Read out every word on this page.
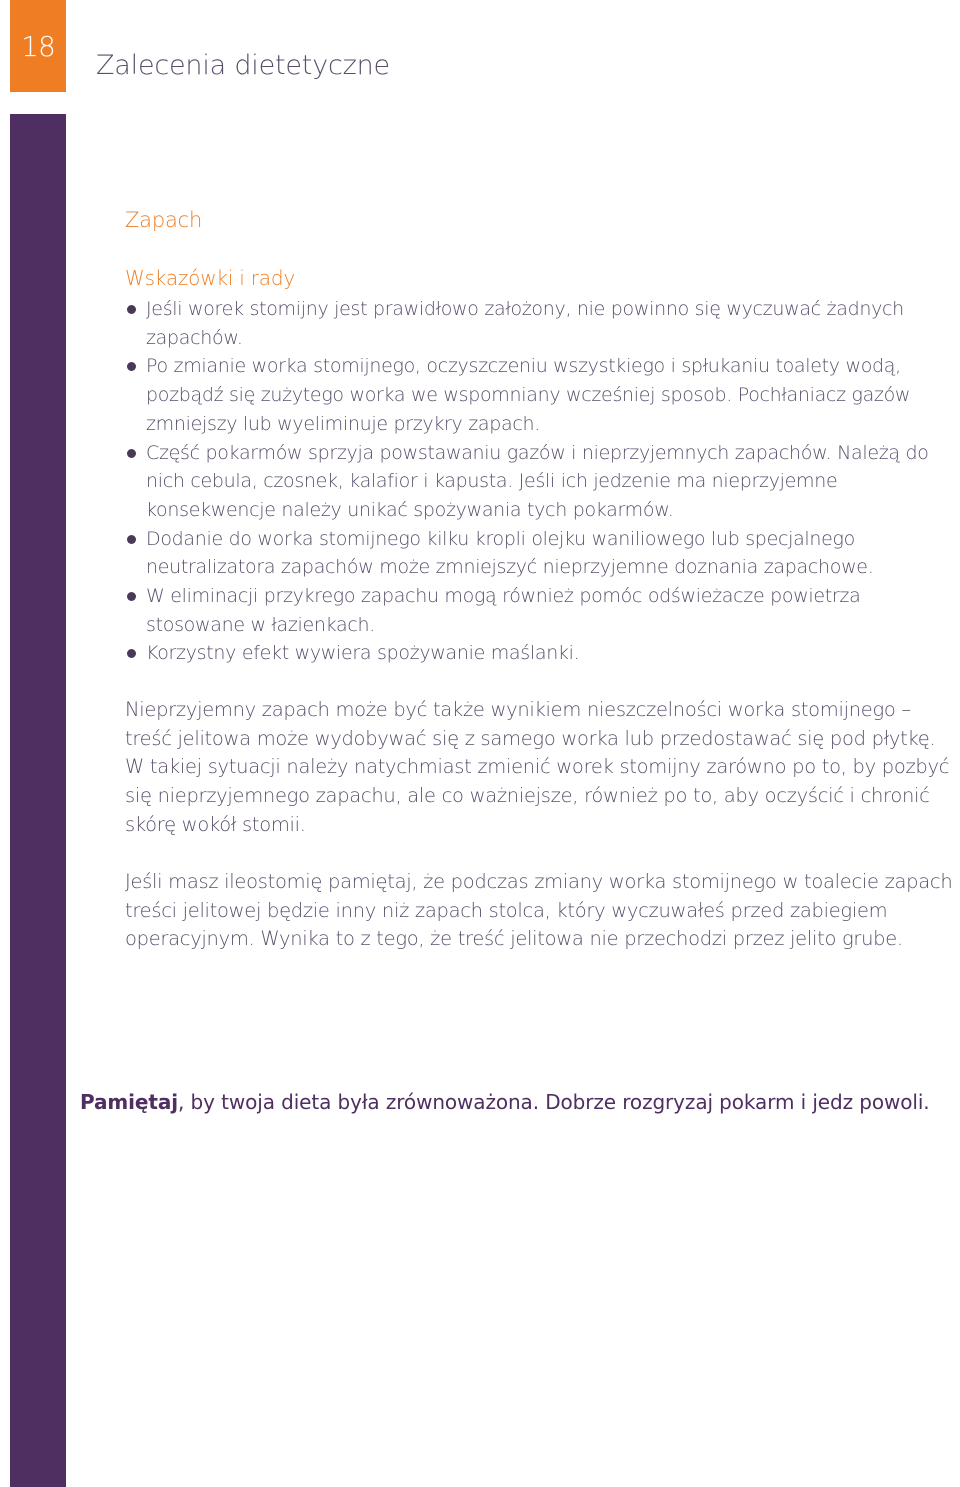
18
Zalecenia dietetyczne
Zapach
Wskazówki i rady
Jeśli worek stomijny jest prawidłowo założony, nie powinno się wyczuwać żadnych zapachów.
Po zmianie worka stomijnego, oczyszczeniu wszystkiego i spłukaniu toalety wodą, pozbądź się zużytego worka we wspomniany wcześniej sposob. Pochłaniacz gazów zmniejszy lub wyeliminuje przykry zapach.
Część pokarmów sprzyja powstawaniu gazów i nieprzyjemnych zapachów. Należą do nich cebula, czosnek, kalafior i kapusta. Jeśli ich jedzenie ma nieprzyjemne konsekwencje należy unikać spożywania tych pokarmów.
Dodanie do worka stomijnego kilku kropli olejku waniliowego lub specjalnego neutralizatora zapachów może zmniejszyć nieprzyjemne doznania zapachowe.
W eliminacji przykrego zapachu mogą również pomóc odświeżacze powietrza stosowane w łazienkach.
Korzystny efekt wywiera spożywanie maślanki.

Nieprzyjemny zapach może być także wynikiem nieszczelności worka stomijnego – treść jelitowa może wydobywać się z samego worka lub przedostawać się pod płytkę. W takiej sytuacji należy natychmiast zmienić worek stomijny zarówno po to, by pozbyć się nieprzyjemnego zapachu, ale co ważniejsze, również po to, aby oczyścić i chronić skórę wokół stomii.

Jeśli masz ileostomię pamiętaj, że podczas zmiany worka stomijnego w toalecie zapach treści jelitowej będzie inny niż zapach stolca, który wyczuwałeś przed zabiegiem operacyjnym. Wynika to z tego, że treść jelitowa nie przechodzi przez jelito grube.

Pamiętaj, by twoja dieta była zrównoważona. Dobrze rozgryzaj pokarm i jedz powoli.
